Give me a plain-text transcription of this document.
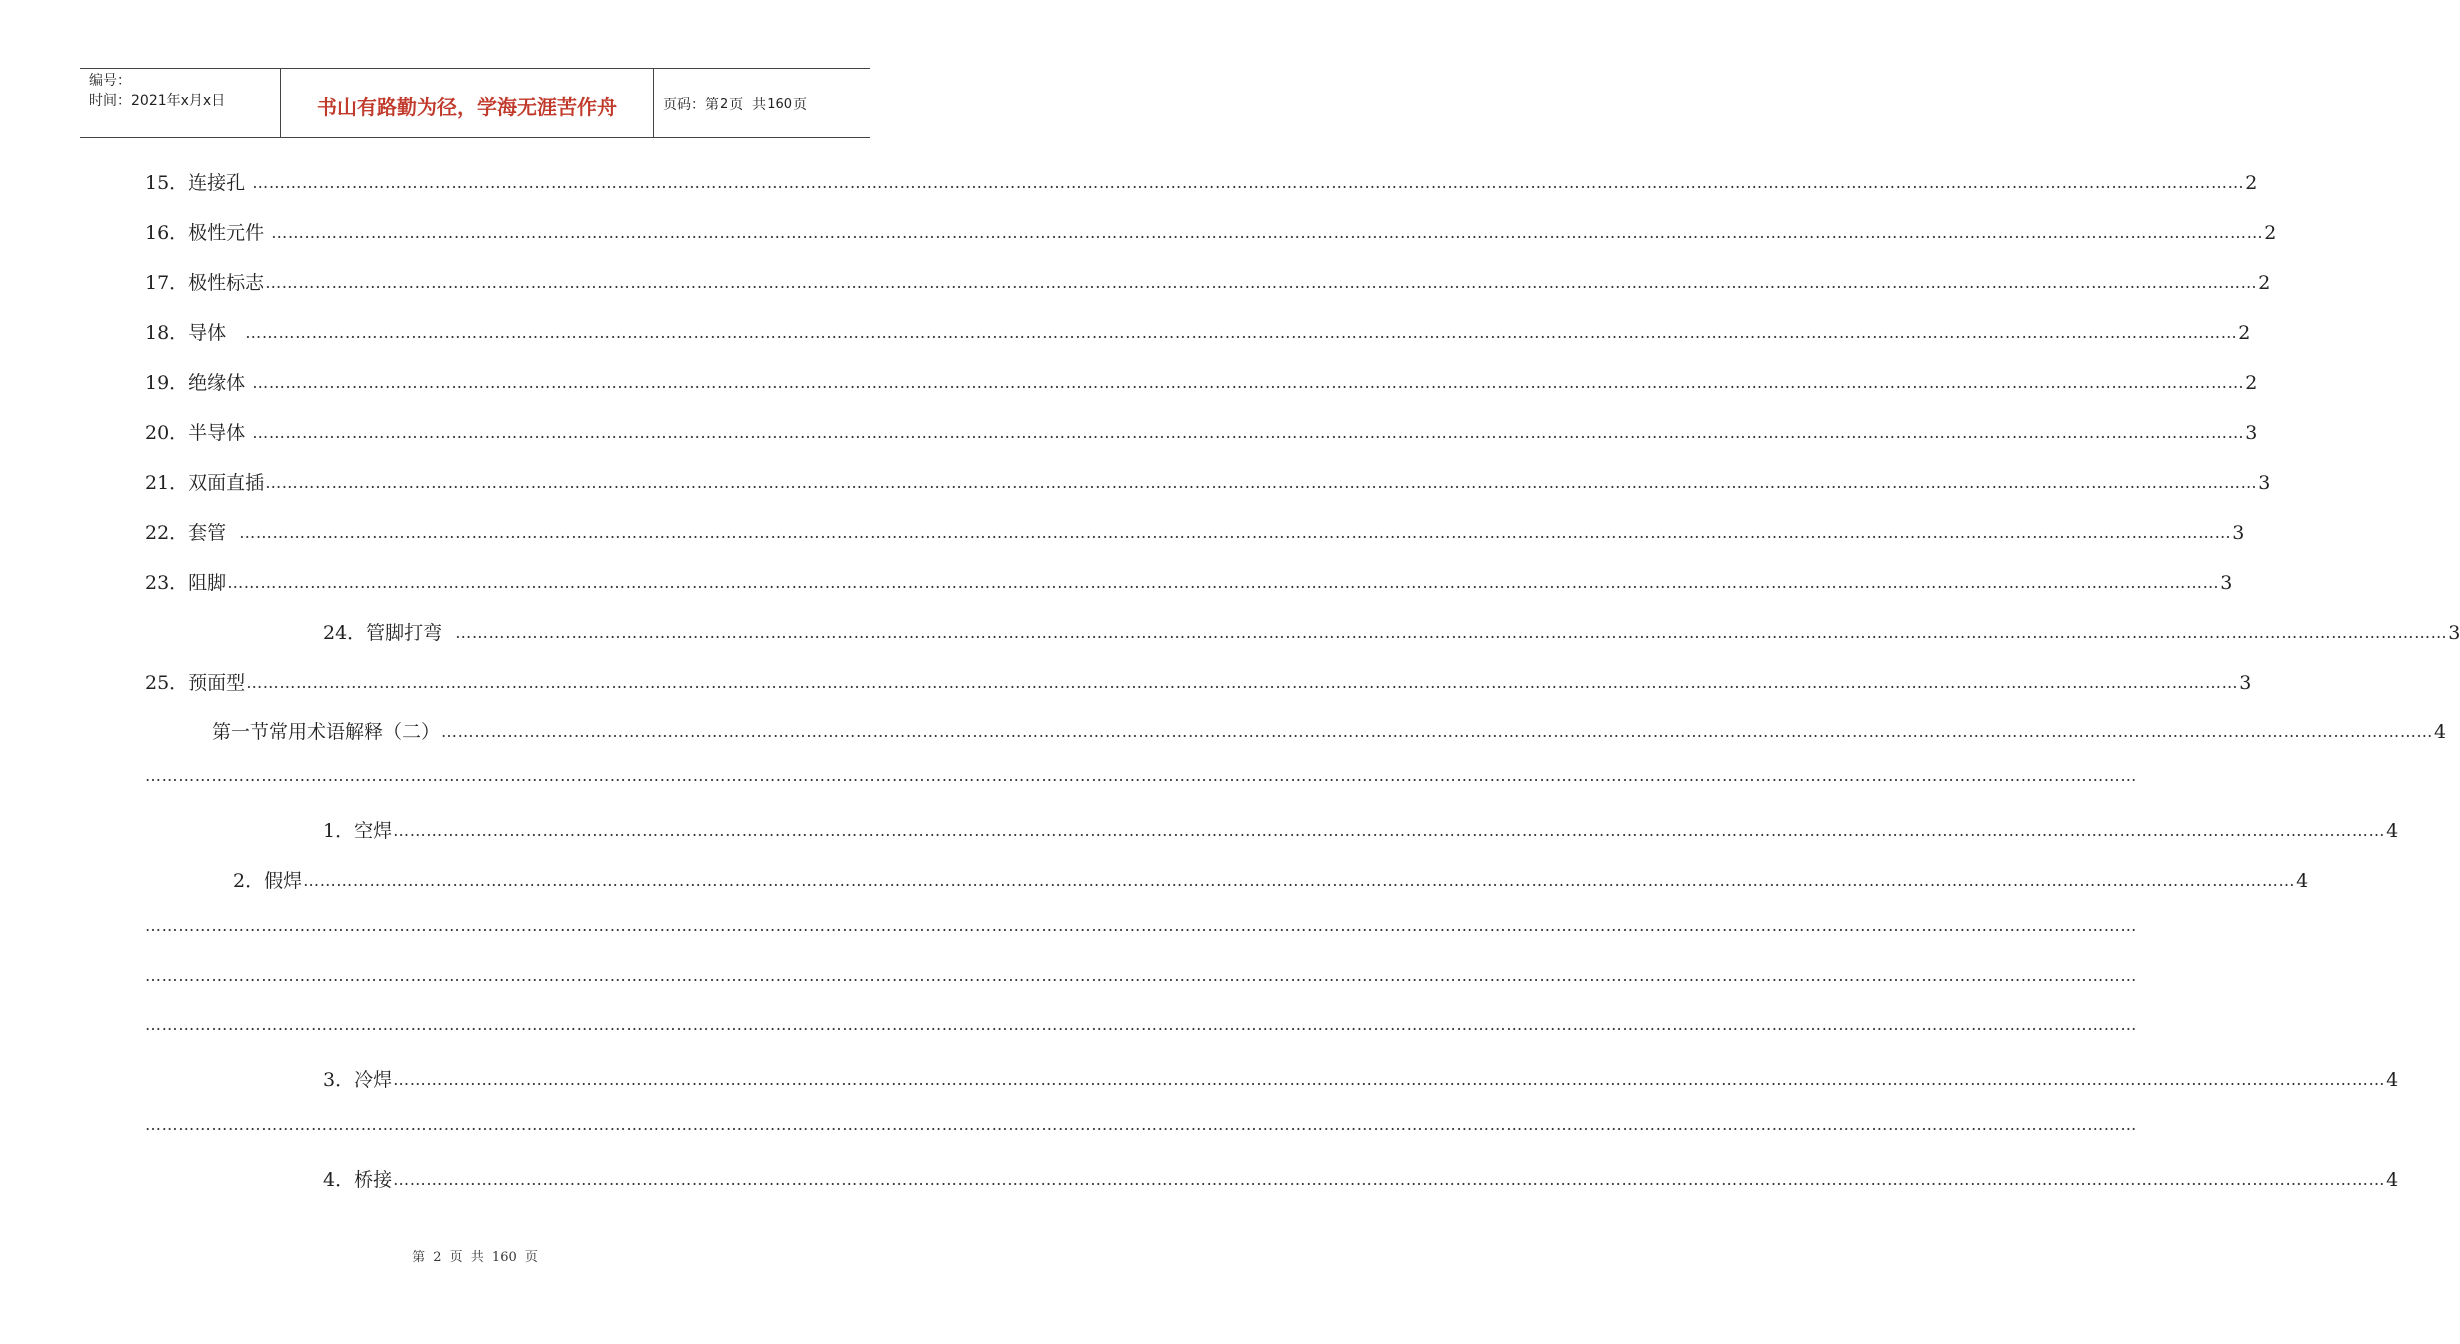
编号：
时间：2021年x月x日	书山有路勤为径，学海无涯苦作舟	页码：第 2 页  共 160 页
15．连接孔 ……………………………………………………………………………………………………………………………………………………………………………………………………………………………………………………………………………………………………………………………… 2
16．极性元件 ……………………………………………………………………………………………………………………………………………………………………………………………………………………………………………………………………………………………………………………………… 2
17．极性标志 ……………………………………………………………………………………………………………………………………………………………………………………………………………………………………………………………………………………………………………………………… 2
18．导体 ……………………………………………………………………………………………………………………………………………………………………………………………………………………………………………………………………………………………………………………………… 2
19．绝缘体 ……………………………………………………………………………………………………………………………………………………………………………………………………………………………………………………………………………………………………………………………… 2
20．半导体 ……………………………………………………………………………………………………………………………………………………………………………………………………………………………………………………………………………………………………………………………… 3
21．双面直插 ……………………………………………………………………………………………………………………………………………………………………………………………………………………………………………………………………………………………………………………………… 3
22．套管 ……………………………………………………………………………………………………………………………………………………………………………………………………………………………………………………………………………………………………………………………… 3
23．阻脚 ……………………………………………………………………………………………………………………………………………………………………………………………………………………………………………………………………………………………………………………………… 3
24．管脚打弯 ……………………………………………………………………………………………………………………………………………………………………………………………………………………………………………………………………………………………………………………………… 3
25．预面型 ……………………………………………………………………………………………………………………………………………………………………………………………………………………………………………………………………………………………………………………………… 3
第一节常用术语解释（二） ……………………………………………………………………………………………………………………………………………………………………………………………………………………………………………………………………………………………………………………………… 4
………………………………………………………………………………………………………………………………………………………………………………………………………………………………………………………………………………………………………………………………
1．空焊 ……………………………………………………………………………………………………………………………………………………………………………………………………………………………………………………………………………………………………………………………… 4
2．假焊 ……………………………………………………………………………………………………………………………………………………………………………………………………………………………………………………………………………………………………………………………… 4
………………………………………………………………………………………………………………………………………………………………………………………………………………………………………………………………………………………………………………………………
………………………………………………………………………………………………………………………………………………………………………………………………………………………………………………………………………………………………………………………………
………………………………………………………………………………………………………………………………………………………………………………………………………………………………………………………………………………………………………………………………
3．冷焊 ……………………………………………………………………………………………………………………………………………………………………………………………………………………………………………………………………………………………………………………………… 4
………………………………………………………………………………………………………………………………………………………………………………………………………………………………………………………………………………………………………………………………
4．桥接 ……………………………………………………………………………………………………………………………………………………………………………………………………………………………………………………………………………………………………………………………… 4
第 2 页 共 160 页
